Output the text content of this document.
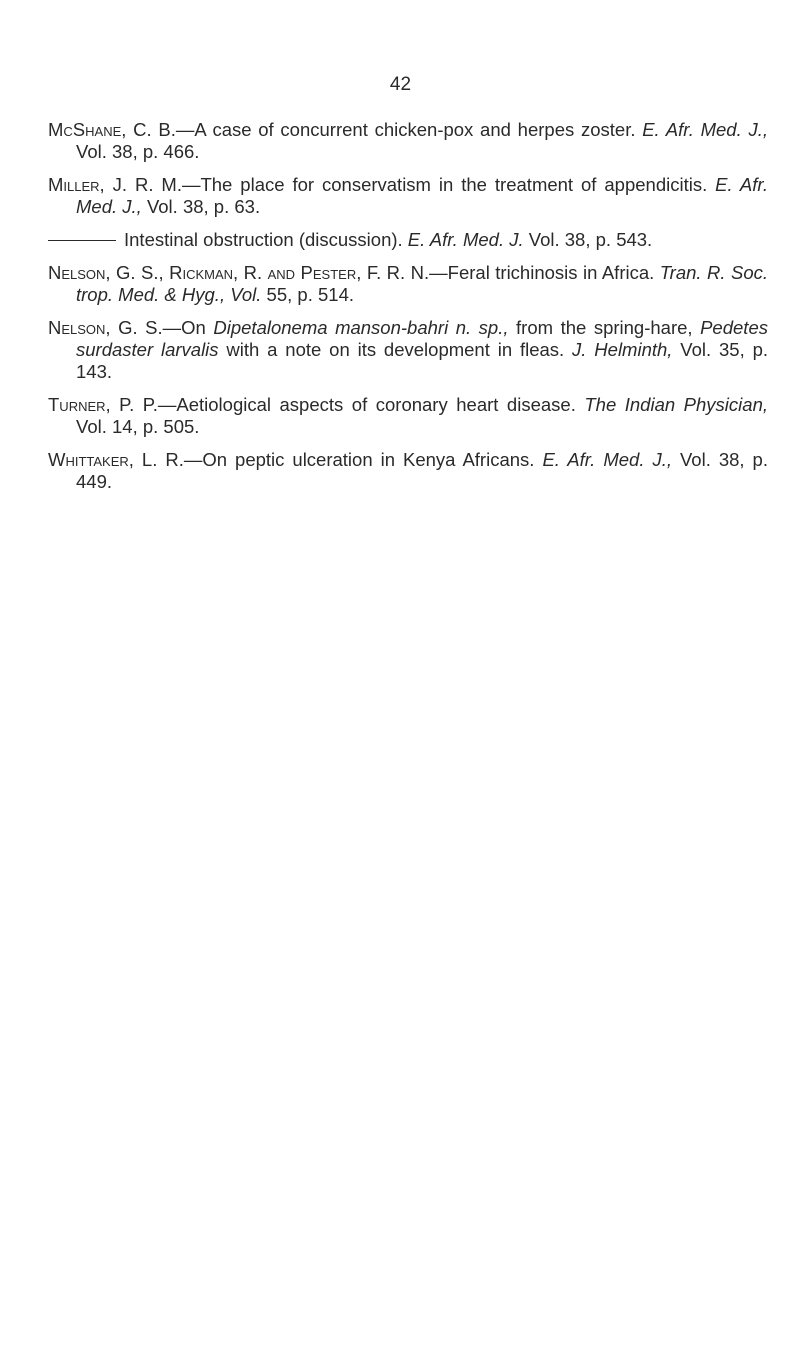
42

McShane, C. B.—A case of concurrent chicken-pox and herpes zoster. E. Afr. Med. J., Vol. 38, p. 466.

Miller, J. R. M.—The place for conservatism in the treatment of appendicitis. E. Afr. Med. J., Vol. 38, p. 63.

Intestinal obstruction (discussion). E. Afr. Med. J. Vol. 38, p. 543.

Nelson, G. S., Rickman, R. and Pester, F. R. N.—Feral trichinosis in Africa. Tran. R. Soc. trop. Med. & Hyg., Vol. 55, p. 514.

Nelson, G. S.—On Dipetalonema manson-bahri n. sp., from the spring-hare, Pedetes surdaster larvalis with a note on its development in fleas. J. Helminth, Vol. 35, p. 143.

Turner, P. P.—Aetiological aspects of coronary heart disease. The Indian Physician, Vol. 14, p. 505.

Whittaker, L. R.—On peptic ulceration in Kenya Africans. E. Afr. Med. J., Vol. 38, p. 449.
